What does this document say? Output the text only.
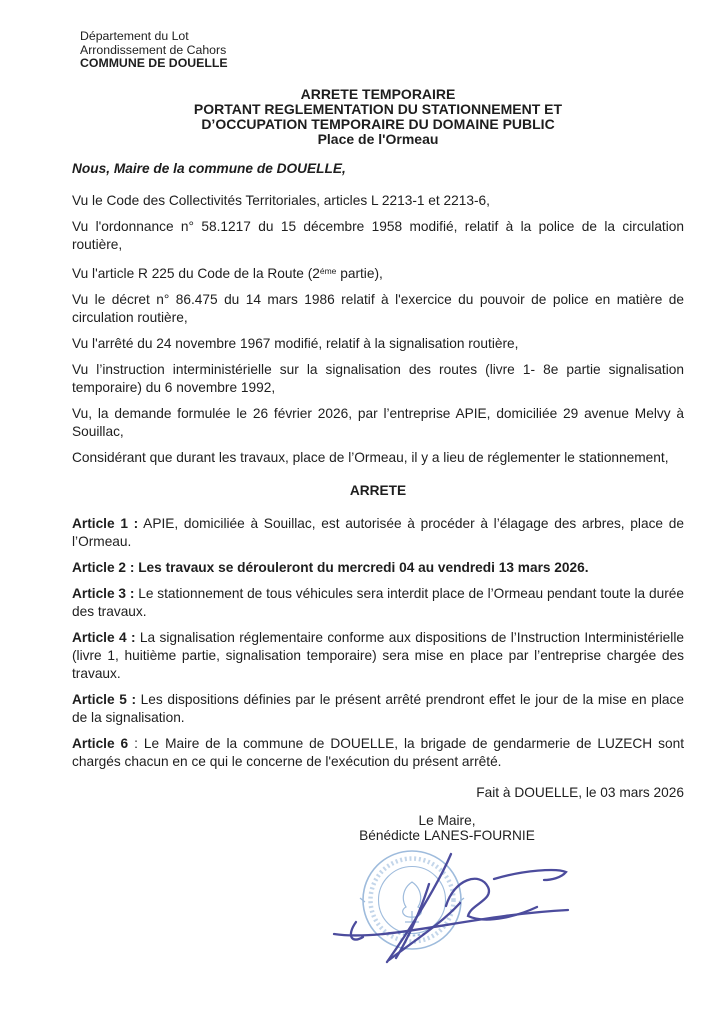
Département du Lot
Arrondissement de Cahors
COMMUNE DE DOUELLE
ARRETE TEMPORAIRE
PORTANT REGLEMENTATION DU STATIONNEMENT ET
D’OCCUPATION TEMPORAIRE DU DOMAINE PUBLIC
Place de l'Ormeau

Nous, Maire de la commune de DOUELLE,

Vu le Code des Collectivités Territoriales, articles L 2213-1 et 2213-6,

Vu l'ordonnance n° 58.1217 du 15 décembre 1958 modifié, relatif à la police de la circulation routière,

Vu l'article R 225 du Code de la Route ($2^{éme}$ partie),

Vu le décret n° 86.475 du 14 mars 1986 relatif à l'exercice du pouvoir de police en matière de circulation routière,

Vu l'arrêté du 24 novembre 1967 modifié, relatif à la signalisation routière,

Vu l’instruction interministérielle sur la signalisation des routes (livre 1- 8e partie signalisation temporaire) du 6 novembre 1992,

Vu, la demande formulée le 26 février 2026, par l’entreprise APIE, domiciliée 29 avenue Melvy à Souillac,

Considérant que durant les travaux, place de l’Ormeau, il y a lieu de réglementer le stationnement,

ARRETE

Article 1 : APIE, domiciliée à Souillac, est autorisée à procéder à l’élagage des arbres, place de l’Ormeau.

Article 2 : Les travaux se dérouleront du mercredi 04 au vendredi 13 mars 2026.

Article 3 : Le stationnement de tous véhicules sera interdit place de l’Ormeau pendant toute la durée des travaux.

Article 4 : La signalisation réglementaire conforme aux dispositions de l’Instruction Interministérielle (livre 1, huitième partie, signalisation temporaire) sera mise en place par l’entreprise chargée des travaux.

Article 5 : Les dispositions définies par le présent arrêté prendront effet le jour de la mise en place de la signalisation.

Article 6 : Le Maire de la commune de DOUELLE, la brigade de gendarmerie de LUZECH sont chargés chacun en ce qui le concerne de l'exécution du présent arrêté.

Fait à DOUELLE, le 03 mars 2026

Le Maire,
Bénédicte LANES-FOURNIE
